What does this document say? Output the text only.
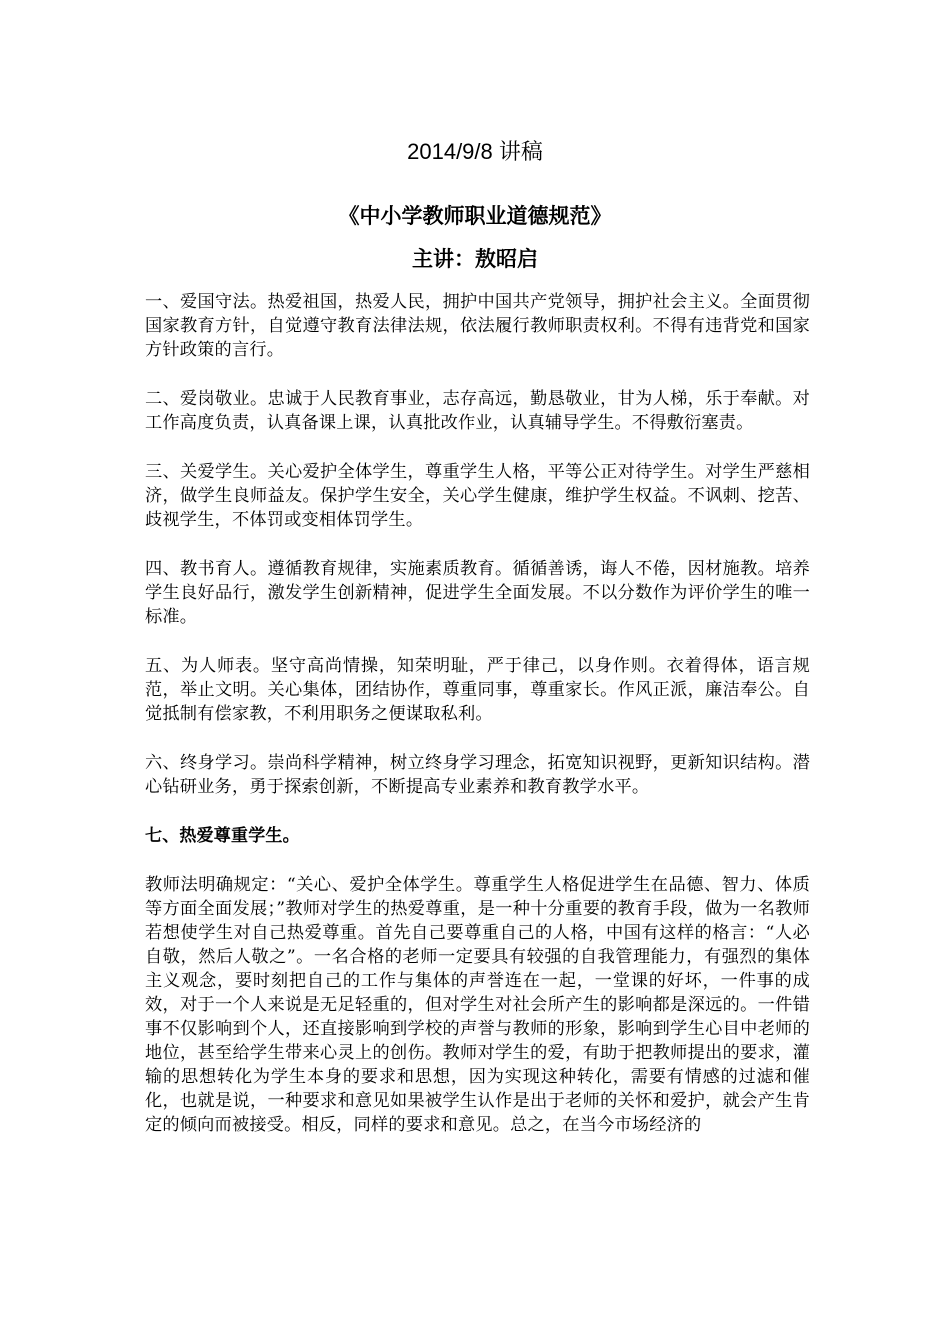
2014/9/8 讲稿
《中小学教师职业道德规范》
主讲：敖昭启

一、爱国守法。热爱祖国，热爱人民，拥护中国共产党领导，拥护社会主义。全面贯彻国家教育方针，自觉遵守教育法律法规，依法履行教师职责权利。不得有违背党和国家方针政策的言行。

二、爱岗敬业。忠诚于人民教育事业，志存高远，勤恳敬业，甘为人梯，乐于奉献。对工作高度负责，认真备课上课，认真批改作业，认真辅导学生。不得敷衍塞责。

三、关爱学生。关心爱护全体学生，尊重学生人格，平等公正对待学生。对学生严慈相济，做学生良师益友。保护学生安全，关心学生健康，维护学生权益。不讽刺、挖苦、歧视学生，不体罚或变相体罚学生。

四、教书育人。遵循教育规律，实施素质教育。循循善诱，诲人不倦，因材施教。培养学生良好品行，激发学生创新精神，促进学生全面发展。不以分数作为评价学生的唯一标准。

五、为人师表。坚守高尚情操，知荣明耻，严于律己，以身作则。衣着得体，语言规范，举止文明。关心集体，团结协作，尊重同事，尊重家长。作风正派，廉洁奉公。自觉抵制有偿家教，不利用职务之便谋取私利。

六、终身学习。崇尚科学精神，树立终身学习理念，拓宽知识视野，更新知识结构。潜心钻研业务，勇于探索创新，不断提高专业素养和教育教学水平。

七、热爱尊重学生。

教师法明确规定：“关心、爱护全体学生。尊重学生人格促进学生在品德、智力、体质等方面全面发展；”教师对学生的热爱尊重，是一种十分重要的教育手段，做为一名教师若想使学生对自己热爱尊重。首先自己要尊重自己的人格，中国有这样的格言：“人必自敬，然后人敬之”。一名合格的老师一定要具有较强的自我管理能力，有强烈的集体主义观念，要时刻把自己的工作与集体的声誉连在一起，一堂课的好坏，一件事的成效，对于一个人来说是无足轻重的，但对学生对社会所产生的影响都是深远的。一件错事不仅影响到个人，还直接影响到学校的声誉与教师的形象，影响到学生心目中老师的地位，甚至给学生带来心灵上的创伤。教师对学生的爱，有助于把教师提出的要求，灌输的思想转化为学生本身的要求和思想，因为实现这种转化，需要有情感的过滤和催化，也就是说，一种要求和意见如果被学生认作是出于老师的关怀和爱护，就会产生肯定的倾向而被接受。相反，同样的要求和意见。总之，在当今市场经济的
